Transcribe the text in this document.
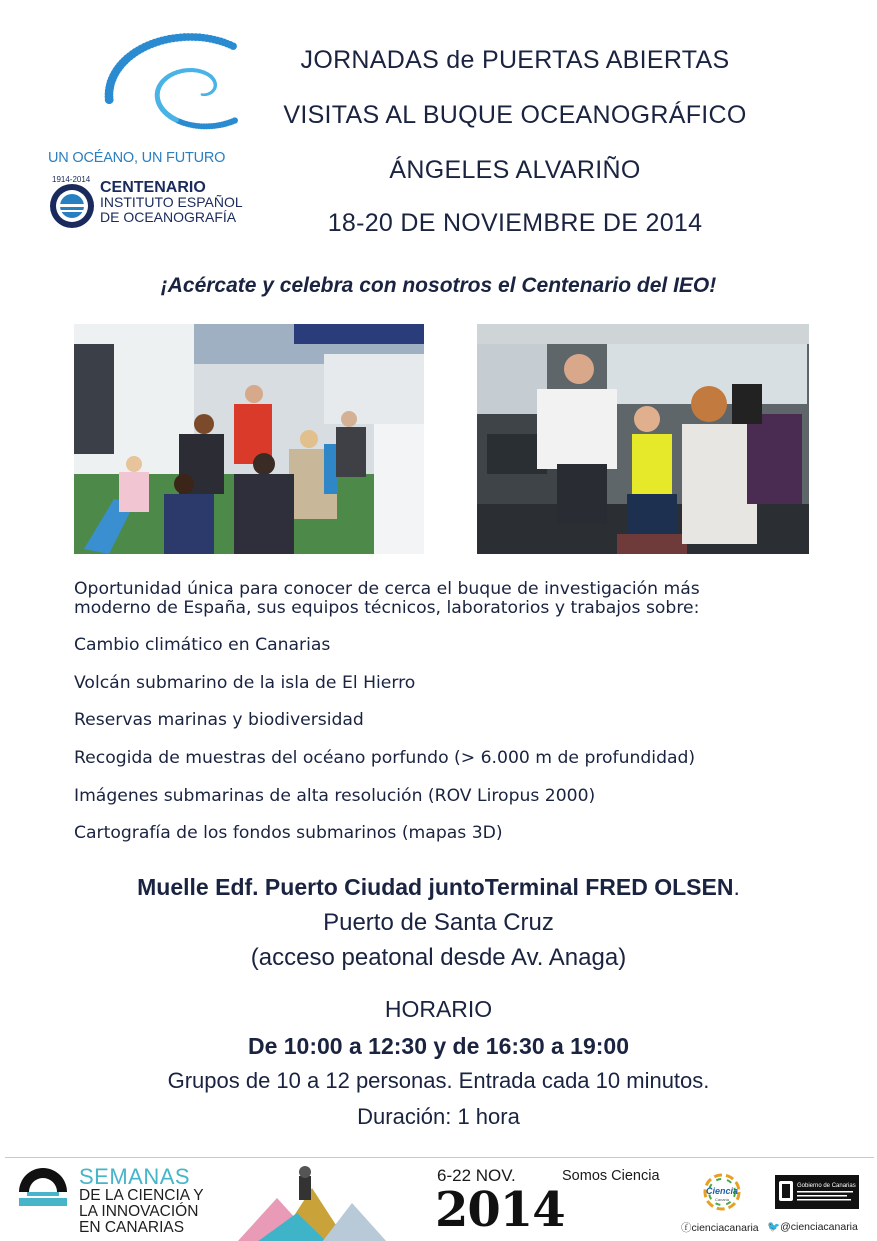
UN OCÉANO, UN FUTURO
1914-2014 CENTENARIO
INSTITUTO ESPAÑOL
DE OCEANOGRAFÍA
JORNADAS de PUERTAS ABIERTAS
VISITAS AL BUQUE OCEANOGRÁFICO
ÁNGELES ALVARIÑO
18-20 DE NOVIEMBRE DE 2014
¡Acércate y celebra con nosotros el Centenario del IEO!
Oportunidad única para conocer de cerca el buque de investigación más
moderno de España, sus equipos técnicos, laboratorios y trabajos sobre:
Cambio climático en Canarias
Volcán submarino de la isla de El Hierro
Reservas marinas y biodiversidad
Recogida de muestras del océano porfundo (> 6.000 m de profundidad)
Imágenes submarinas de alta resolución (ROV Liropus 2000)
Cartografía de los fondos submarinos (mapas 3D)
Muelle Edf. Puerto Ciudad juntoTerminal FRED OLSEN.
Puerto de Santa Cruz
(acceso peatonal desde Av. Anaga)
HORARIO
De 10:00 a 12:30 y de 16:30 a 19:00
Grupos de 10 a 12 personas. Entrada cada 10 minutos.
Duración: 1 hora
SEMANAS
DE LA CIENCIA Y
LA INNOVACIÓN
EN CANARIAS
6-22 NOV.	Somos Ciencia
2014	Ciencia
Canaria
Gobierno de Canarias
ⓕcienciacanaria 🐦@cienciacanaria
